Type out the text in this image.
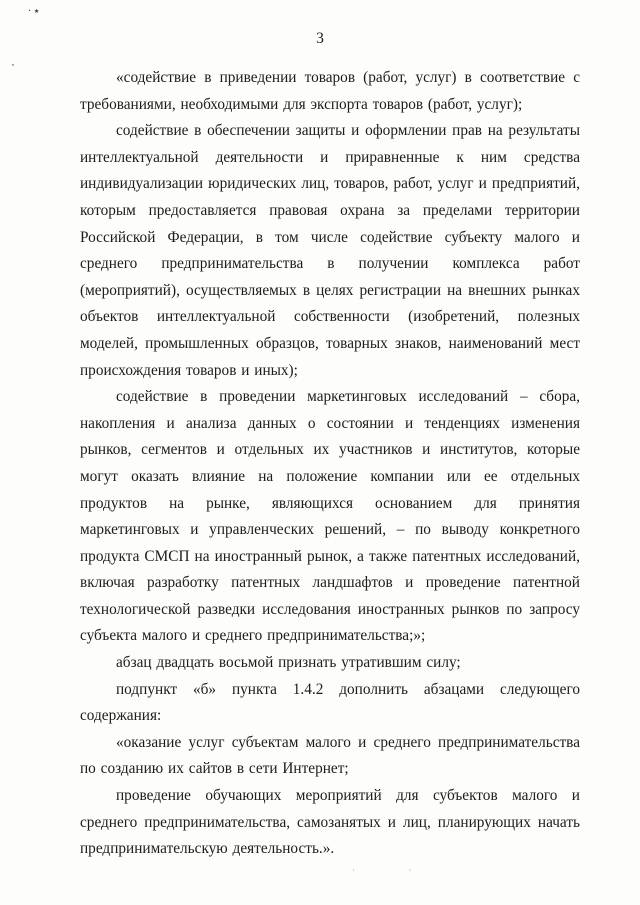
· ٭
٠
· ·
3

«содействие в приведении товаров (работ, услуг) в соответствие с требованиями, необходимыми для экспорта товаров (работ, услуг);

содействие в обеспечении защиты и оформлении прав на результаты интеллектуальной деятельности и приравненные к ним средства индивидуализации юридических лиц, товаров, работ, услуг и предприятий, которым предоставляется правовая охрана за пределами территории Российской Федерации, в том числе содействие субъекту малого и среднего предпринимательства в получении комплекса работ (мероприятий), осуществляемых в целях регистрации на внешних рынках объектов интеллектуальной собственности (изобретений, полезных моделей, промышленных образцов, товарных знаков, наименований мест происхождения товаров и иных);

содействие в проведении маркетинговых исследований – сбора, накопления и анализа данных о состоянии и тенденциях изменения рынков, сегментов и отдельных их участников и институтов, которые могут оказать влияние на положение компании или ее отдельных продуктов на рынке, являющихся основанием для принятия маркетинговых и управленческих решений, – по выводу конкретного продукта СМСП на иностранный рынок, а также патентных исследований, включая разработку патентных ландшафтов и проведение патентной технологической разведки исследования иностранных рынков по запросу субъекта малого и среднего предпринимательства;»;

абзац двадцать восьмой признать утратившим силу;

подпункт «б» пункта 1.4.2 дополнить абзацами следующего содержания:

«оказание услуг субъектам малого и среднего предпринимательства по созданию их сайтов в сети Интернет;

проведение обучающих мероприятий для субъектов малого и среднего предпринимательства, самозанятых и лиц, планирующих начать предпринимательскую деятельность.».
